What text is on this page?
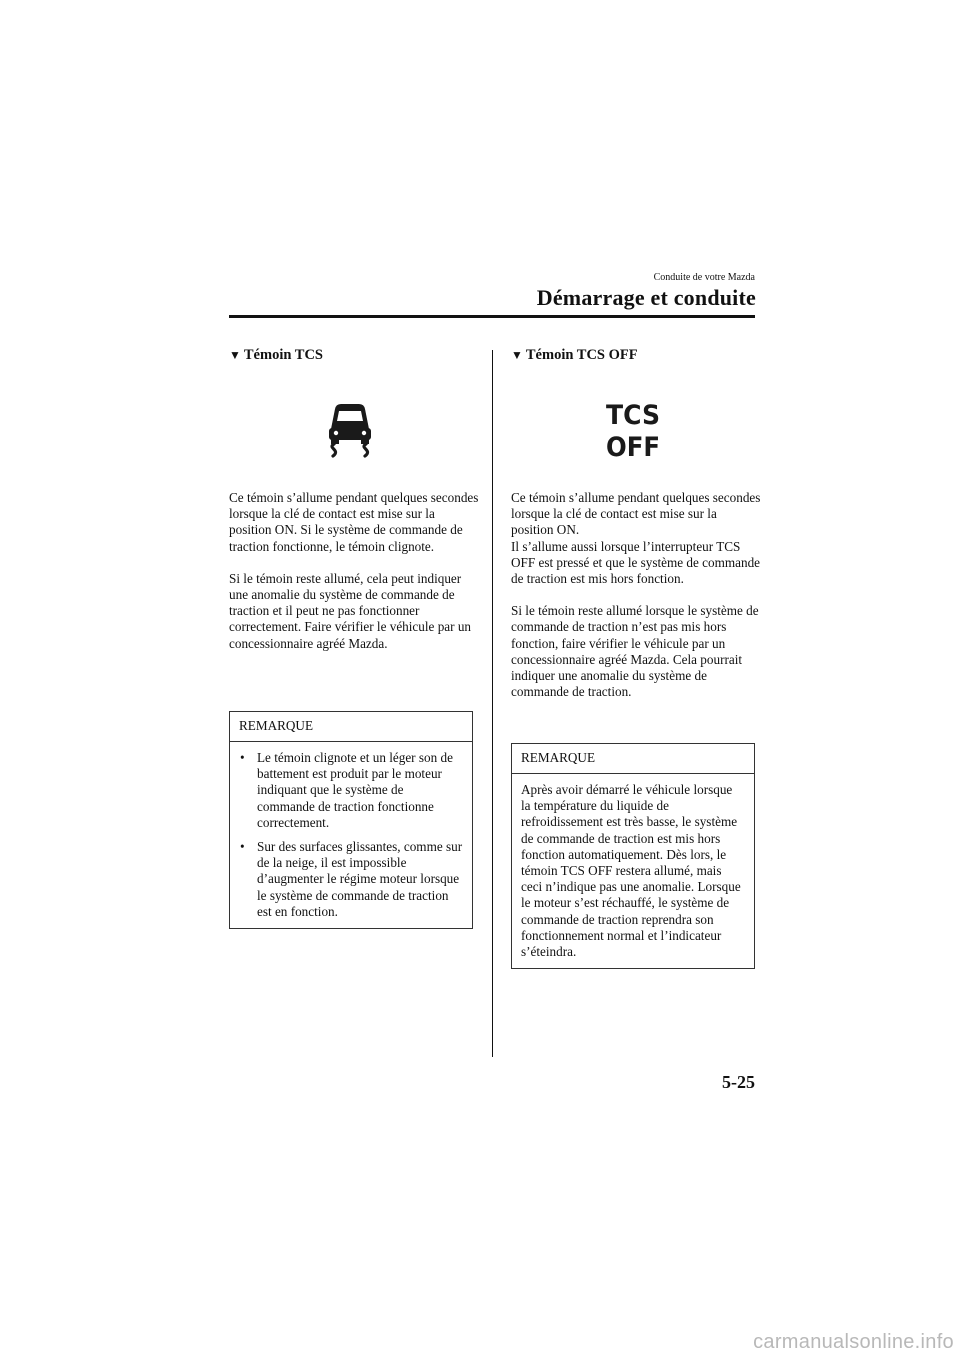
Conduite de votre Mazda
Démarrage et conduite
▼ Témoin TCS

Ce témoin s’allume pendant quelques secondes lorsque la clé de contact est mise sur la position ON. Si le système de commande de traction fonctionne, le témoin clignote.

Si le témoin reste allumé, cela peut indiquer une anomalie du système de commande de traction et il peut ne pas fonctionner correctement. Faire vérifier le véhicule par un concessionnaire agréé Mazda.

REMARQUE
• Le témoin clignote et un léger son de battement est produit par le moteur indiquant que le système de commande de traction fonctionne correctement.
• Sur des surfaces glissantes, comme sur de la neige, il est impossible d’augmenter le régime moteur lorsque le système de commande de traction est en fonction.
▼ Témoin TCS OFF
TCS
OFF

Ce témoin s’allume pendant quelques secondes lorsque la clé de contact est mise sur la position ON.

Il s’allume aussi lorsque l’interrupteur TCS OFF est pressé et que le système de commande de traction est mis hors fonction.

Si le témoin reste allumé lorsque le système de commande de traction n’est pas mis hors fonction, faire vérifier le véhicule par un concessionnaire agréé Mazda. Cela pourrait indiquer une anomalie du système de commande de traction.

REMARQUE
Après avoir démarré le véhicule lorsque la température du liquide de refroidissement est très basse, le système de commande de traction est mis hors fonction automatiquement. Dès lors, le témoin TCS OFF restera allumé, mais ceci n’indique pas une anomalie. Lorsque le moteur s’est réchauffé, le système de commande de traction reprendra son fonctionnement normal et l’indicateur s’éteindra.
5-25
carmanualsonline.info
